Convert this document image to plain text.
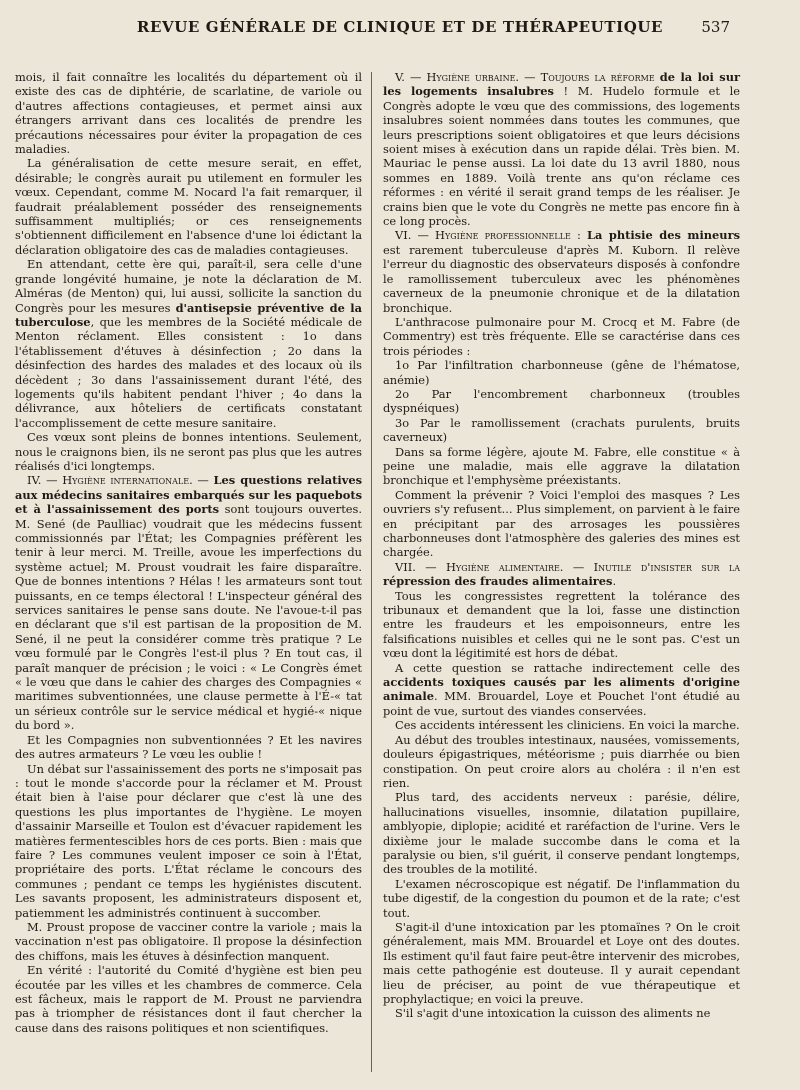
REVUE GÉNÉRALE DE CLINIQUE ET DE THÉRAPEUTIQUE	537

mois, il fait connaître les localités du département où il existe des cas de diphtérie, de scarlatine, de variole ou d'autres affections contagieuses, et permet ainsi aux étrangers arrivant dans ces localités de prendre les précautions nécessaires pour éviter la propagation de ces maladies.

La généralisation de cette mesure serait, en effet, désirable; le congrès aurait pu utilement en formuler les vœux. Cependant, comme M. Nocard l'a fait remarquer, il faudrait préalablement posséder des renseignements suffisamment multipliés; or ces renseignements s'obtiennent difficilement en l'absence d'une loi édictant la déclaration obligatoire des cas de maladies contagieuses.

En attendant, cette ère qui, paraît-il, sera celle d'une grande longévité humaine, je note la déclaration de M. Alméras (de Menton) qui, lui aussi, sollicite la sanction du Congrès pour les mesures d'antisepsie préventive de la tuberculose, que les membres de la Société médicale de Menton réclament. Elles consistent : 1o dans l'établissement d'étuves à désinfection ; 2o dans la désinfection des hardes des malades et des locaux où ils décèdent ; 3o dans l'assainissement durant l'été, des logements qu'ils habitent pendant l'hiver ; 4o dans la délivrance, aux hôteliers de certificats constatant l'accomplissement de cette mesure sanitaire.

Ces vœux sont pleins de bonnes intentions. Seulement, nous le craignons bien, ils ne seront pas plus que les autres réalisés d'ici longtemps.

IV. — Hygiène internationale. — Les questions relatives aux médecins sanitaires embarqués sur les paquebots et à l'assainissement des ports sont toujours ouvertes. M. Sené (de Paulliac) voudrait que les médecins fussent commissionnés par l'État; les Compagnies préfèrent les tenir à leur merci. M. Treille, avoue les imperfections du système actuel; M. Proust voudrait les faire disparaître. Que de bonnes intentions ? Hélas ! les armateurs sont tout puissants, en ce temps électoral ! L'inspecteur général des services sanitaires le pense sans doute. Ne l'avoue-t-il pas en déclarant que s'il est partisan de la proposition de M. Sené, il ne peut la considérer comme très pratique ? Le vœu formulé par le Congrès l'est-il plus ? En tout cas, il paraît manquer de précision ; le voici : « Le Congrès émet « le vœu que dans le cahier des charges des Compagnies « maritimes subventionnées, une clause permette à l'É-« tat un sérieux contrôle sur le service médical et hygié-« nique du bord ».

Et les Compagnies non subventionnées ? Et les navires des autres armateurs ? Le vœu les oublie !

Un débat sur l'assainissement des ports ne s'imposait pas : tout le monde s'accorde pour la réclamer et M. Proust était bien à l'aise pour déclarer que c'est là une des questions les plus importantes de l'hygiène. Le moyen d'assainir Marseille et Toulon est d'évacuer rapidement les matières fermentescibles hors de ces ports. Bien : mais que faire ? Les communes veulent imposer ce soin à l'État, propriétaire des ports. L'État réclame le concours des communes ; pendant ce temps les hygiénistes discutent. Les savants proposent, les administrateurs disposent et, patiemment les administrés continuent à succomber.

M. Proust propose de vacciner contre la variole ; mais la vaccination n'est pas obligatoire. Il propose la désinfection des chiffons, mais les étuves à désinfection manquent.

En vérité : l'autorité du Comité d'hygiène est bien peu écoutée par les villes et les chambres de commerce. Cela est fâcheux, mais le rapport de M. Proust ne parviendra pas à triompher de résistances dont il faut chercher la cause dans des raisons politiques et non scientifiques.

V. — Hygiène urbaine. — Toujours la réforme de la loi sur les logements insalubres ! M. Hudelo formule et le Congrès adopte le vœu que des commissions, des logements insalubres soient nommées dans toutes les communes, que leurs prescriptions soient obligatoires et que leurs décisions soient mises à exécution dans un rapide délai. Très bien. M. Mauriac le pense aussi. La loi date du 13 avril 1880, nous sommes en 1889. Voilà trente ans qu'on réclame ces réformes : en vérité il serait grand temps de les réaliser. Je crains bien que le vote du Congrès ne mette pas encore fin à ce long procès.

VI. — Hygiène professionnelle : La phtisie des mineurs est rarement tuberculeuse d'après M. Kuborn. Il relève l'erreur du diagnostic des observateurs disposés à confondre le ramollissement tuberculeux avec les phénomènes caverneux de la pneumonie chronique et de la dilatation bronchique.

L'anthracose pulmonaire pour M. Crocq et M. Fabre (de Commentry) est très fréquente. Elle se caractérise dans ces trois périodes :

1o Par l'infiltration charbonneuse (gêne de l'hématose, anémie)

2o Par l'encombrement charbonneux (troubles dyspnéiques)

3o Par le ramollissement (crachats purulents, bruits caverneux)

Dans sa forme légère, ajoute M. Fabre, elle constitue « à peine une maladie, mais elle aggrave la dilatation bronchique et l'emphysème préexistants.

Comment la prévenir ? Voici l'emploi des masques ? Les ouvriers s'y refusent... Plus simplement, on parvient à le faire en précipitant par des arrosages les poussières charbonneuses dont l'atmosphère des galeries des mines est chargée.

VII. — Hygiène alimentaire. — Inutile d'insister sur la répression des fraudes alimentaires.

Tous les congressistes regrettent la tolérance des tribunaux et demandent que la loi, fasse une distinction entre les fraudeurs et les empoisonneurs, entre les falsifications nuisibles et celles qui ne le sont pas. C'est un vœu dont la légitimité est hors de débat.

A cette question se rattache indirectement celle des accidents toxiques causés par les aliments d'origine animale. MM. Brouardel, Loye et Pouchet l'ont étudié au point de vue, surtout des viandes conservées.

Ces accidents intéressent les cliniciens. En voici la marche.

Au début des troubles intestinaux, nausées, vomissements, douleurs épigastriques, météorisme ; puis diarrhée ou bien constipation. On peut croire alors au choléra : il n'en est rien.

Plus tard, des accidents nerveux : parésie, délire, hallucinations visuelles, insomnie, dilatation pupillaire, amblyopie, diplopie; acidité et raréfaction de l'urine. Vers le dixième jour le malade succombe dans le coma et la paralysie ou bien, s'il guérit, il conserve pendant longtemps, des troubles de la motilité.

L'examen nécroscopique est négatif. De l'inflammation du tube digestif, de la congestion du poumon et de la rate; c'est tout.

S'agit-il d'une intoxication par les ptomaïnes ? On le croit généralement, mais MM. Brouardel et Loye ont des doutes. Ils estiment qu'il faut faire peut-être intervenir des microbes, mais cette pathogénie est douteuse. Il y aurait cependant lieu de préciser, au point de vue thérapeutique et prophylactique; en voici la preuve.

S'il s'agit d'une intoxication la cuisson des aliments ne
